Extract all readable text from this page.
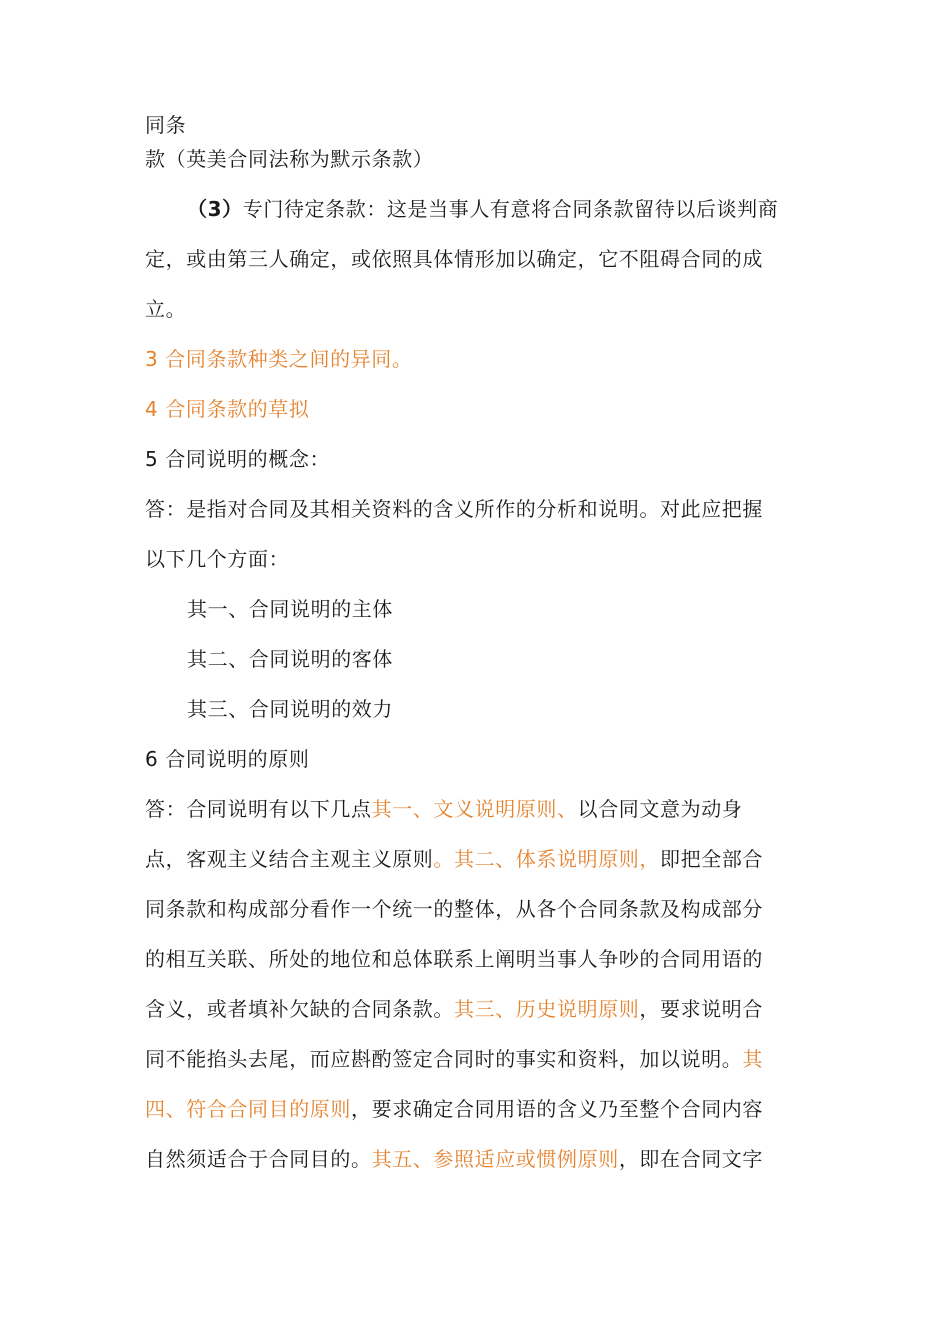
同条
款（英美合同法称为默示条款）
（3）专门待定条款：这是当事人有意将合同条款留待以后谈判商
定，或由第三人确定，或依照具体情形加以确定，它不阻碍合同的成
立。
3 合同条款种类之间的异同。
4 合同条款的草拟
5 合同说明的概念：
答：是指对合同及其相关资料的含义所作的分析和说明。对此应把握
以下几个方面：
其一、合同说明的主体
其二、合同说明的客体
其三、合同说明的效力
6 合同说明的原则
答：合同说明有以下几点其一、文义说明原则、以合同文意为动身
点，客观主义结合主观主义原则。其二、体系说明原则，即把全部合
同条款和构成部分看作一个统一的整体，从各个合同条款及构成部分
的相互关联、所处的地位和总体联系上阐明当事人争吵的合同用语的
含义，或者填补欠缺的合同条款。其三、历史说明原则，要求说明合
同不能掐头去尾，而应斟酌签定合同时的事实和资料，加以说明。其
四、符合合同目的原则，要求确定合同用语的含义乃至整个合同内容
自然须适合于合同目的。其五、参照适应或惯例原则，即在合同文字
